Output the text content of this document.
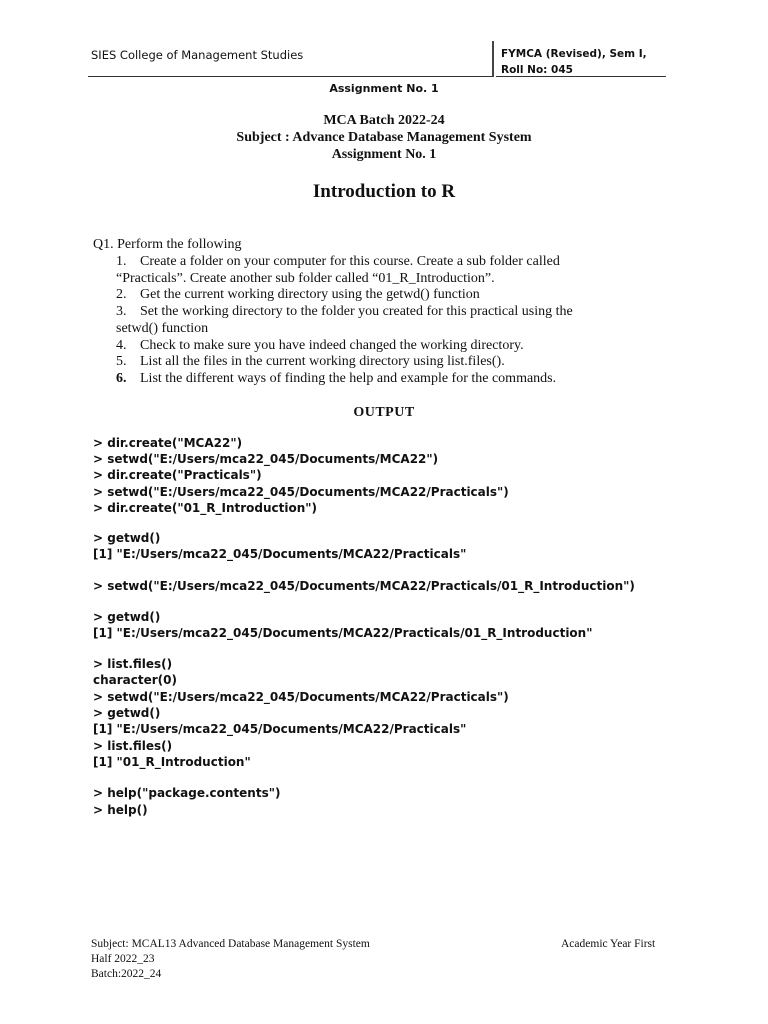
SIES College of Management Studies	FYMCA (Revised), Sem I,
Roll No: 045
Assignment No. 1
MCA Batch 2022-24
Subject : Advance Database Management System
Assignment No. 1
Introduction to R
Q1. Perform the following
1. Create a folder on your computer for this course. Create a sub folder called “Practicals”. Create another sub folder called “01_R_Introduction”.
2. Get the current working directory using the getwd() function
3. Set the working directory to the folder you created for this practical using the setwd() function
4. Check to make sure you have indeed changed the working directory.
5. List all the files in the current working directory using list.files().
6. List the different ways of finding the help and example for the commands.
OUTPUT
> dir.create("MCA22")
> setwd("E:/Users/mca22_045/Documents/MCA22")
> dir.create("Practicals")
> setwd("E:/Users/mca22_045/Documents/MCA22/Practicals")
> dir.create("01_R_Introduction")
> getwd()
[1] "E:/Users/mca22_045/Documents/MCA22/Practicals"
> setwd("E:/Users/mca22_045/Documents/MCA22/Practicals/01_R_Introduction")
> getwd()
[1] "E:/Users/mca22_045/Documents/MCA22/Practicals/01_R_Introduction"
> list.files()
character(0)
> setwd("E:/Users/mca22_045/Documents/MCA22/Practicals")
> getwd()
[1] "E:/Users/mca22_045/Documents/MCA22/Practicals"
> list.files()
[1] "01_R_Introduction"
> help("package.contents")
> help()
Subject: MCAL13 Advanced Database Management System	Academic Year First
Half 2022_23
Batch:2022_24
